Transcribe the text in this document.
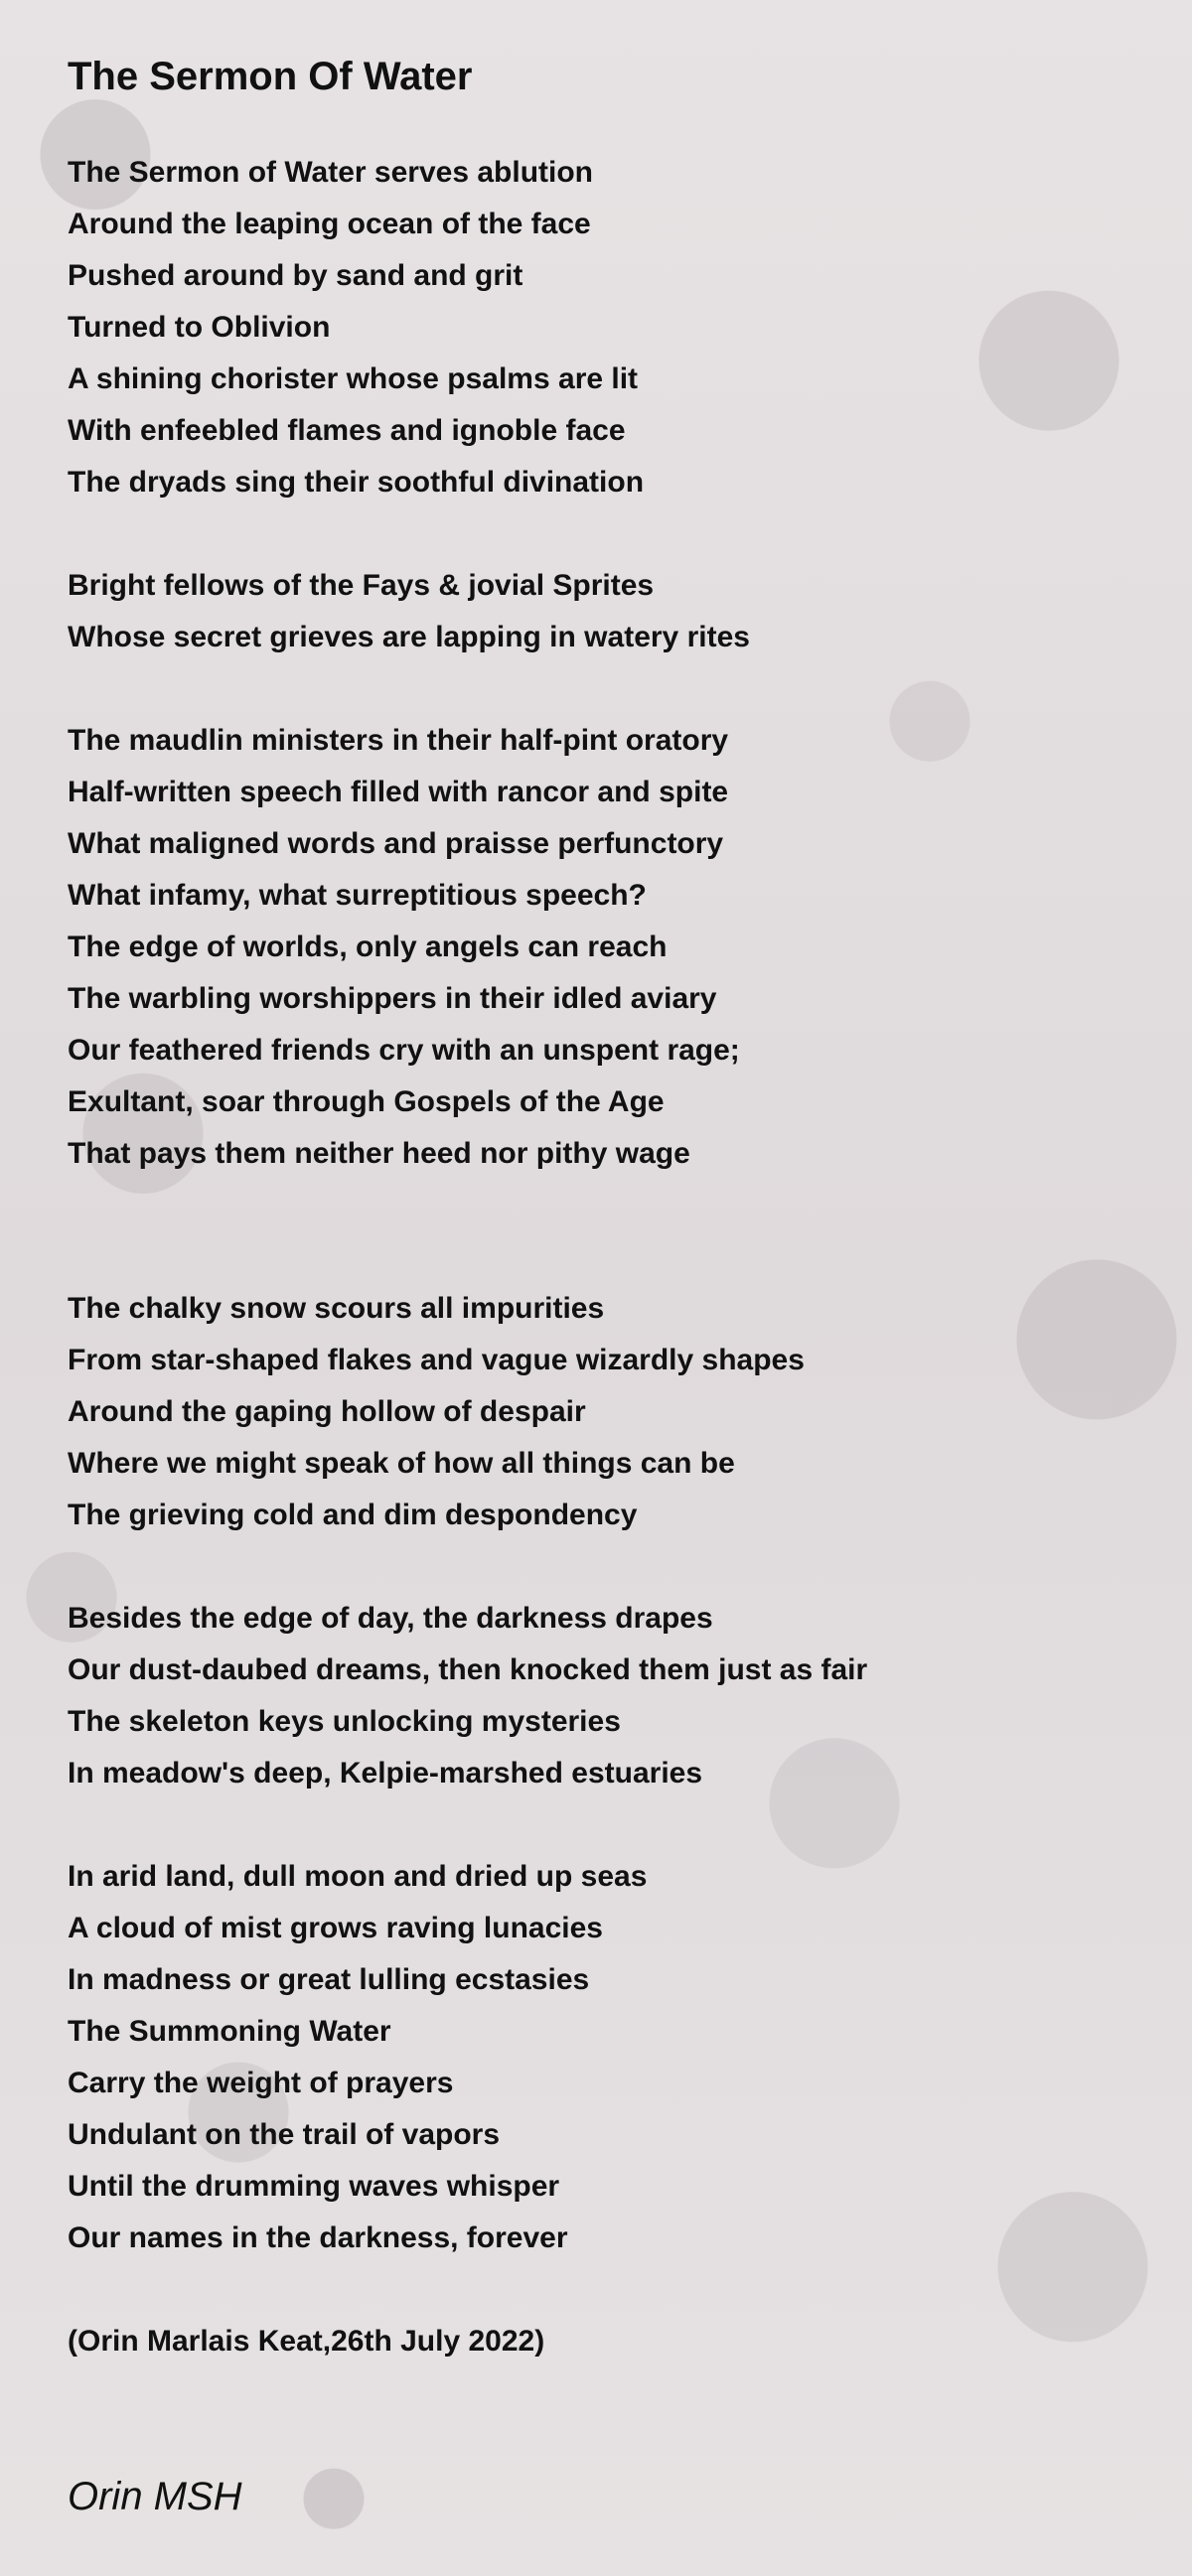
The Sermon Of Water
The Sermon of Water serves ablution
Around the leaping ocean of the face
Pushed around by sand and grit
Turned to Oblivion
A shining chorister whose psalms are lit
With enfeebled flames and ignoble face
The dryads sing their soothful divination
Bright fellows of the Fays & jovial Sprites
Whose secret grieves are lapping in watery rites
The maudlin ministers in their half-pint oratory
Half-written speech filled with rancor and spite
What maligned words and praisse perfunctory
What infamy, what surreptitious speech?
The edge of worlds, only angels can reach
The warbling worshippers in their idled aviary
Our feathered friends cry with an unspent rage;
Exultant, soar through Gospels of the Age
That pays them neither heed nor pithy wage
The chalky snow scours all impurities
From star-shaped flakes and vague wizardly shapes
Around the gaping hollow of despair
Where we might speak of how all things can be
The grieving cold and dim despondency
Besides the edge of day, the darkness drapes
Our dust-daubed dreams, then knocked them just as fair
The skeleton keys unlocking mysteries
In meadow's deep, Kelpie-marshed estuaries
In arid land, dull moon and dried up seas
A cloud of mist grows raving lunacies
In madness or great lulling ecstasies
The Summoning Water
Carry the weight of prayers
Undulant on the trail of vapors
Until the drumming waves whisper
Our names in the darkness, forever
(Orin Marlais Keat,26th July 2022)
Orin MSH
